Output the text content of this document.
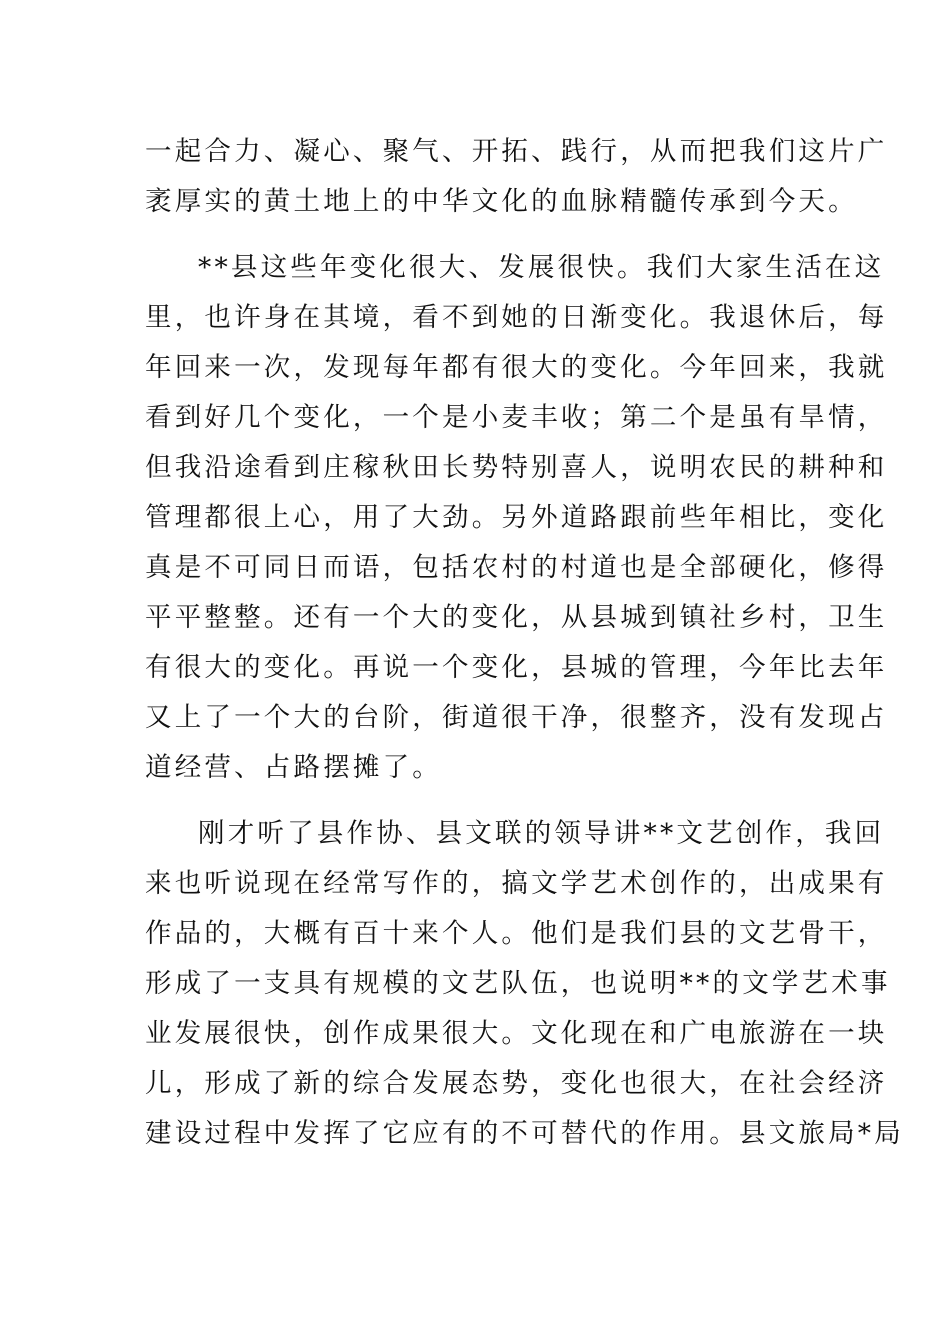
一起合力、凝心、聚气、开拓、践行，从而把我们这片广
袤厚实的黄土地上的中华文化的血脉精髓传承到今天。
**县这些年变化很大、发展很快。我们大家生活在这
里，也许身在其境，看不到她的日渐变化。我退休后，每
年回来一次，发现每年都有很大的变化。今年回来，我就
看到好几个变化，一个是小麦丰收；第二个是虽有旱情，
但我沿途看到庄稼秋田长势特别喜人，说明农民的耕种和
管理都很上心，用了大劲。另外道路跟前些年相比，变化
真是不可同日而语，包括农村的村道也是全部硬化，修得
平平整整。还有一个大的变化，从县城到镇社乡村，卫生
有很大的变化。再说一个变化，县城的管理，今年比去年
又上了一个大的台阶，街道很干净，很整齐，没有发现占
道经营、占路摆摊了。
刚才听了县作协、县文联的领导讲**文艺创作，我回
来也听说现在经常写作的，搞文学艺术创作的，出成果有
作品的，大概有百十来个人。他们是我们县的文艺骨干，
形成了一支具有规模的文艺队伍，也说明**的文学艺术事
业发展很快，创作成果很大。文化现在和广电旅游在一块
儿，形成了新的综合发展态势，变化也很大，在社会经济
建设过程中发挥了它应有的不可替代的作用。县文旅局*局
